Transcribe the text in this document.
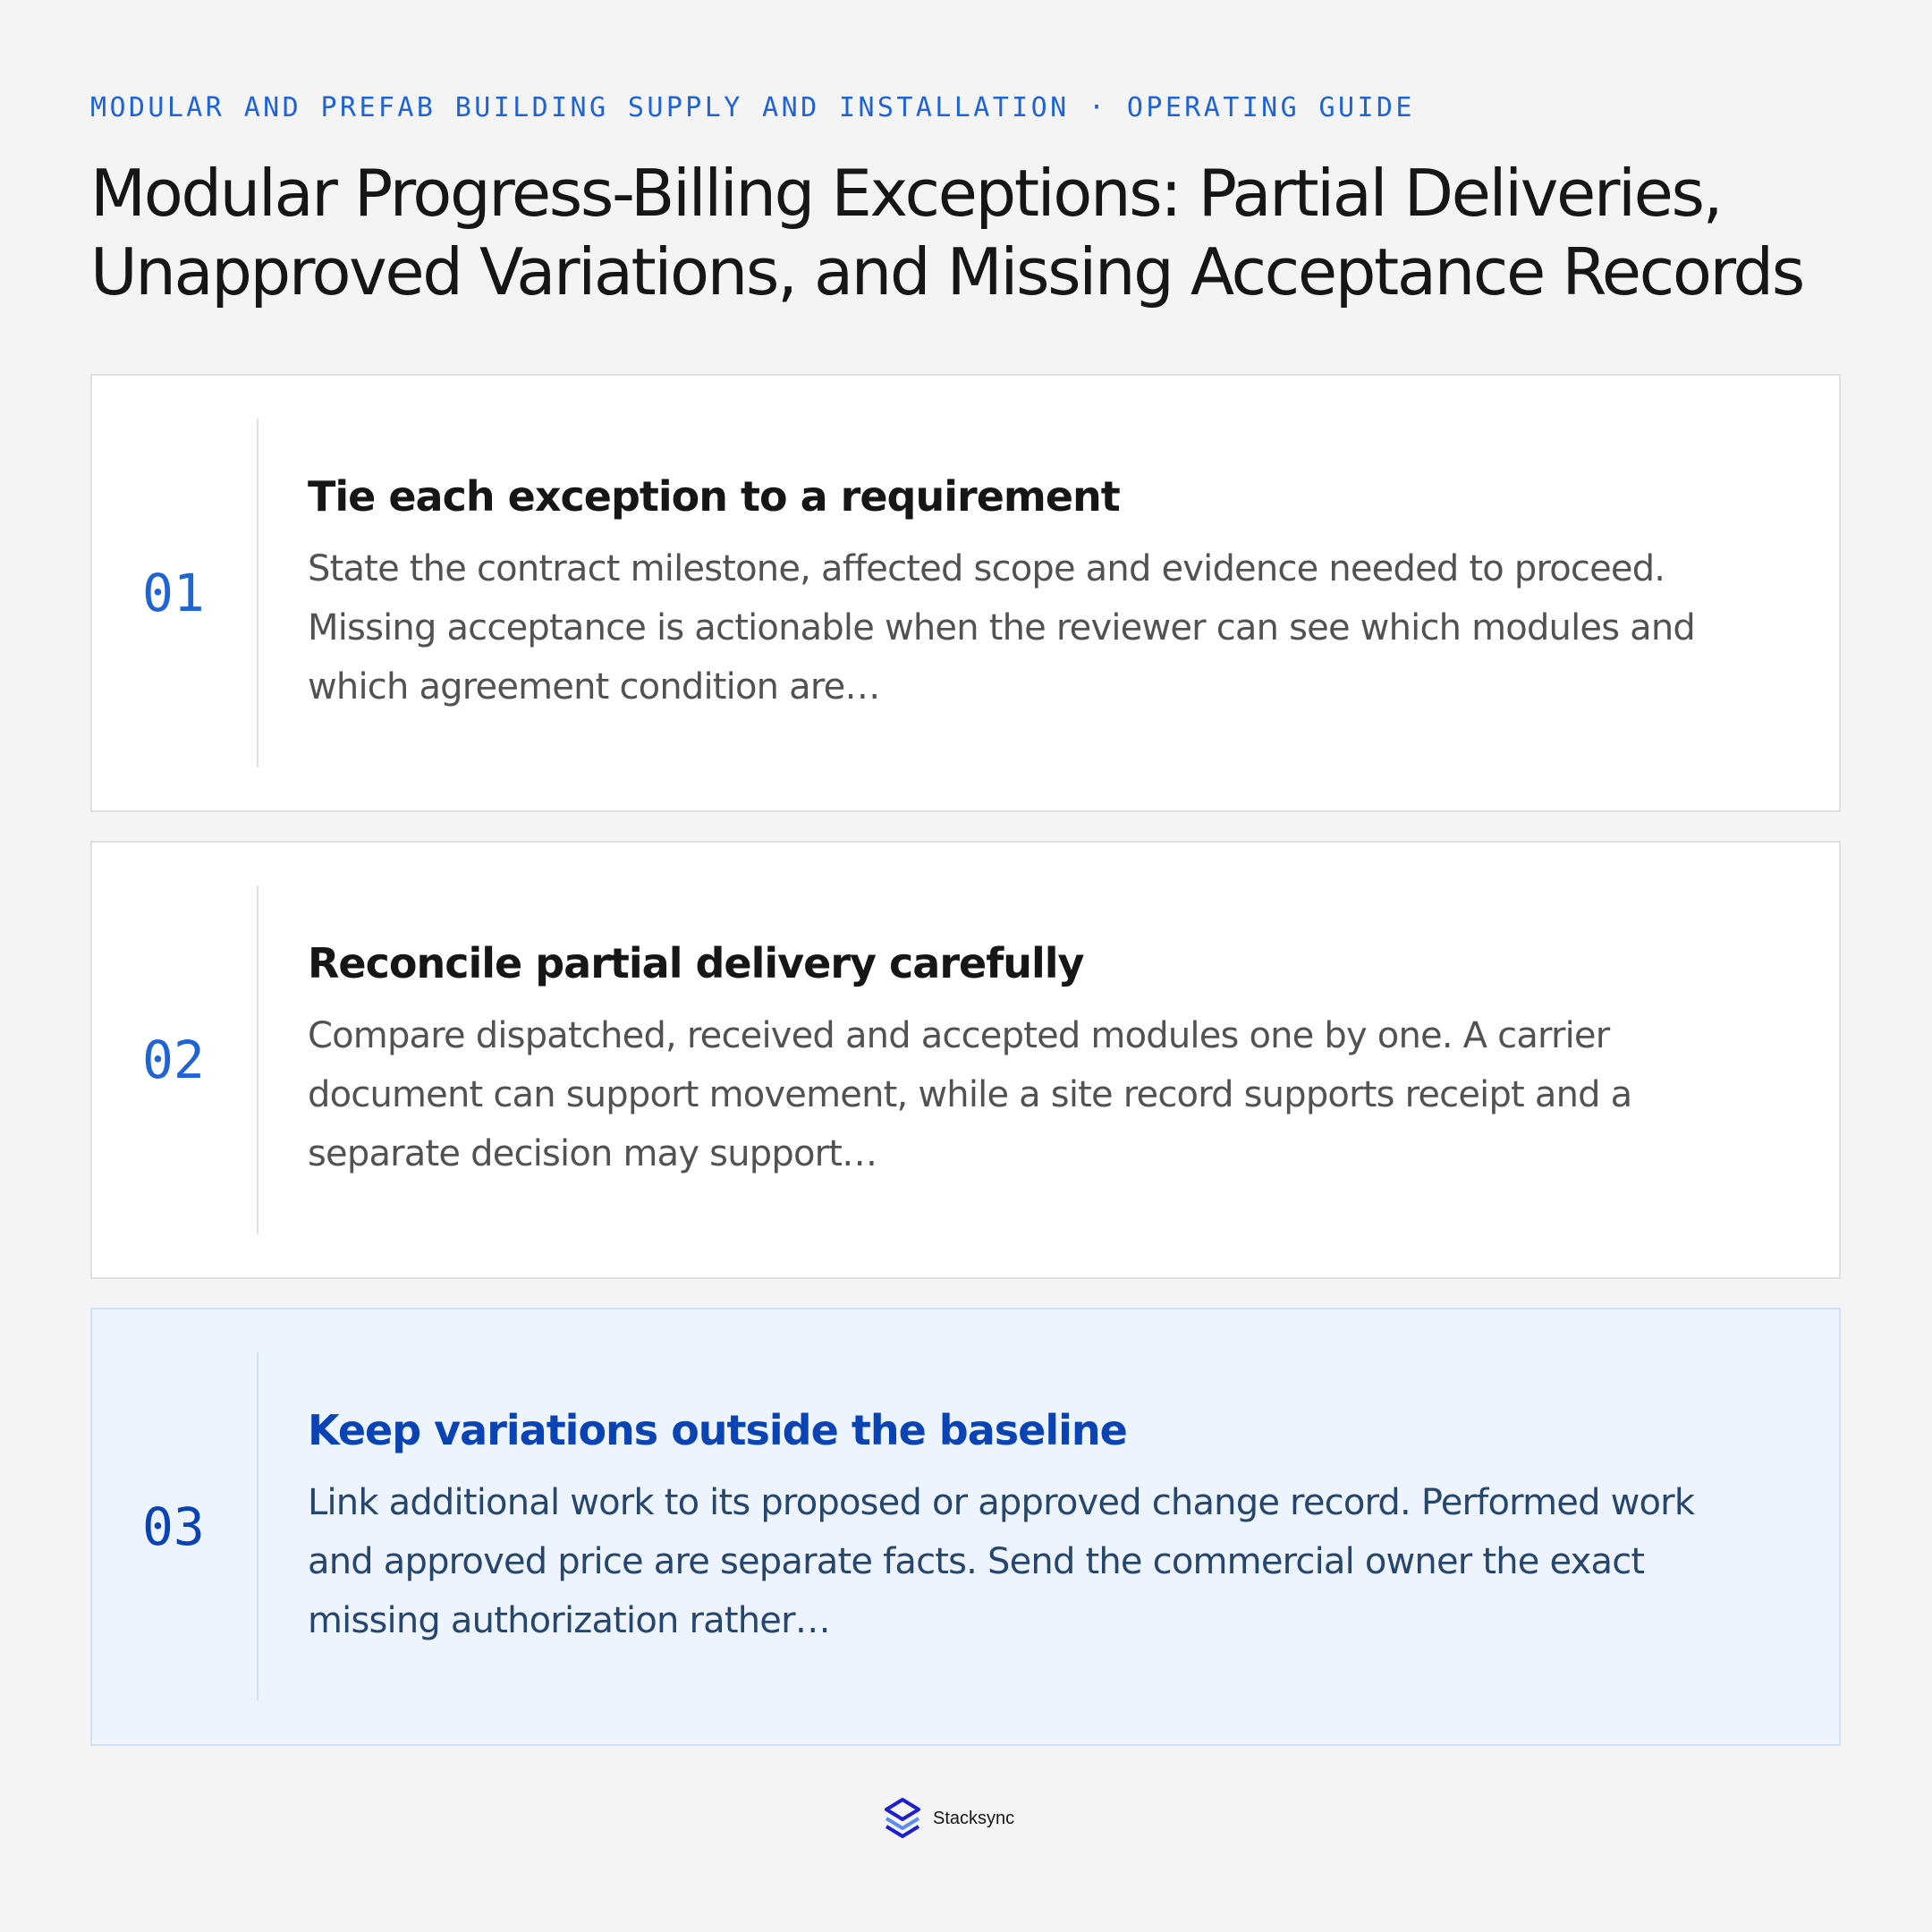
MODULAR AND PREFAB BUILDING SUPPLY AND INSTALLATION · OPERATING GUIDE
Modular Progress-Billing Exceptions: Partial Deliveries, Unapproved Variations, and Missing Acceptance Records
01
Tie each exception to a requirement

State the contract milestone, affected scope and evidence needed to proceed. Missing acceptance is actionable when the reviewer can see which modules and which agreement condition are…

02
Reconcile partial delivery carefully

Compare dispatched, received and accepted modules one by one. A carrier document can support movement, while a site record supports receipt and a separate decision may support…

03
Keep variations outside the baseline

Link additional work to its proposed or approved change record. Performed work and approved price are separate facts. Send the commercial owner the exact missing authorization rather…

Stacksync
